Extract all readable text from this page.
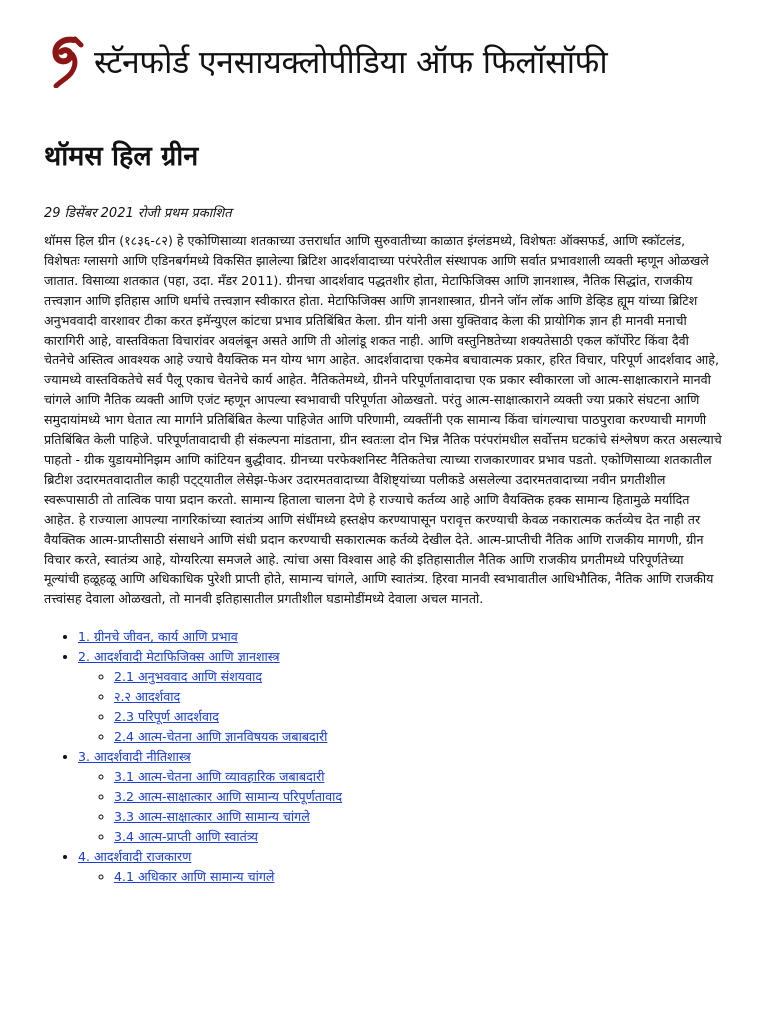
स्टॅनफोर्ड एनसायक्लोपीडिया ऑफ फिलॉसॉफी
थॉमस हिल ग्रीन

29 डिसेंबर 2021 रोजी प्रथम प्रकाशित

थॉमस हिल ग्रीन (१८३६-८२) हे एकोणिसाव्या शतकाच्या उत्तरार्धात आणि सुरुवातीच्या काळात इंग्लंडमध्ये, विशेषतः ऑक्सफर्ड, आणि स्कॉटलंड, विशेषतः ग्लासगो आणि एडिनबर्गमध्ये विकसित झालेल्या ब्रिटिश आदर्शवादाच्या परंपरेतील संस्थापक आणि सर्वात प्रभावशाली व्यक्ती म्हणून ओळखले जातात. विसाव्या शतकात (पहा, उदा. मँडर 2011). ग्रीनचा आदर्शवाद पद्धतशीर होता, मेटाफिजिक्स आणि ज्ञानशास्त्र, नैतिक सिद्धांत, राजकीय तत्त्वज्ञान आणि इतिहास आणि धर्माचे तत्त्वज्ञान स्वीकारत होता. मेटाफिजिक्स आणि ज्ञानशास्त्रात, ग्रीनने जॉन लॉक आणि डेव्हिड ह्यूम यांच्या ब्रिटिश अनुभववादी वारशावर टीका करत इमॅन्युएल कांटचा प्रभाव प्रतिबिंबित केला. ग्रीन यांनी असा युक्तिवाद केला की प्रायोगिक ज्ञान ही मानवी मनाची कारागिरी आहे, वास्तविकता विचारांवर अवलंबून असते आणि ती ओलांडू शकत नाही. आणि वस्तुनिष्ठतेच्या शक्यतेसाठी एकल कॉर्पोरेट किंवा दैवी चेतनेचे अस्तित्व आवश्यक आहे ज्याचे वैयक्तिक मन योग्य भाग आहेत. आदर्शवादाचा एकमेव बचावात्मक प्रकार, हरित विचार, परिपूर्ण आदर्शवाद आहे, ज्यामध्ये वास्तविकतेचे सर्व पैलू एकाच चेतनेचे कार्य आहेत. नैतिकतेमध्ये, ग्रीनने परिपूर्णतावादाचा एक प्रकार स्वीकारला जो आत्म-साक्षात्काराने मानवी चांगले आणि नैतिक व्यक्ती आणि एजंट म्हणून आपल्या स्वभावाची परिपूर्णता ओळखतो. परंतु आत्म-साक्षात्काराने व्यक्ती ज्या प्रकारे संघटना आणि समुदायांमध्ये भाग घेतात त्या मार्गाने प्रतिबिंबित केल्या पाहिजेत आणि परिणामी, व्यक्तींनी एक सामान्य किंवा चांगल्याचा पाठपुरावा करण्याची मागणी प्रतिबिंबित केली पाहिजे. परिपूर्णतावादाची ही संकल्पना मांडताना, ग्रीन स्वतःला दोन भिन्न नैतिक परंपरांमधील सर्वोत्तम घटकांचे संश्लेषण करत असल्याचे पाहतो - ग्रीक युडायमोनिझम आणि कांटियन बुद्धीवाद. ग्रीनच्या परफेक्शनिस्ट नैतिकतेचा त्याच्या राजकारणावर प्रभाव पडतो. एकोणिसाव्या शतकातील ब्रिटीश उदारमतवादातील काही पट्ट्यातील लेसेझ-फेअर उदारमतवादाच्या वैशिष्ट्यांच्या पलीकडे असलेल्या उदारमतवादाच्या नवीन प्रगतीशील स्वरूपासाठी तो तात्विक पाया प्रदान करतो. सामान्य हिताला चालना देणे हे राज्याचे कर्तव्य आहे आणि वैयक्तिक हक्क सामान्य हितामुळे मर्यादित आहेत. हे राज्याला आपल्या नागरिकांच्या स्वातंत्र्य आणि संधींमध्ये हस्तक्षेप करण्यापासून परावृत्त करण्याची केवळ नकारात्मक कर्तव्येच देत नाही तर वैयक्तिक आत्म-प्राप्तीसाठी संसाधने आणि संधी प्रदान करण्याची सकारात्मक कर्तव्ये देखील देते. आत्म-प्राप्तीची नैतिक आणि राजकीय मागणी, ग्रीन विचार करते, स्वातंत्र्य आहे, योग्यरित्या समजले आहे. त्यांचा असा विश्वास आहे की इतिहासातील नैतिक आणि राजकीय प्रगतीमध्ये परिपूर्णतेच्या मूल्यांची हळूहळू आणि अधिकाधिक पुरेशी प्राप्ती होते, सामान्य चांगले, आणि स्वातंत्र्य. हिरवा मानवी स्वभावातील आधिभौतिक, नैतिक आणि राजकीय तत्त्वांसह देवाला ओळखतो, तो मानवी इतिहासातील प्रगतीशील घडामोडींमध्ये देवाला अचल मानतो.

• 1. ग्रीनचे जीवन, कार्य आणि प्रभाव
• 2. आदर्शवादी मेटाफिजिक्स आणि ज्ञानशास्त्र
◦ 2.1 अनुभववाद आणि संशयवाद
◦ २.२ आदर्शवाद
◦ 2.3 परिपूर्ण आदर्शवाद
◦ 2.4 आत्म-चेतना आणि ज्ञानविषयक जबाबदारी
• 3. आदर्शवादी नीतिशास्त्र
◦ 3.1 आत्म-चेतना आणि व्यावहारिक जबाबदारी
◦ 3.2 आत्म-साक्षात्कार आणि सामान्य परिपूर्णतावाद
◦ 3.3 आत्म-साक्षात्कार आणि सामान्य चांगले
◦ 3.4 आत्म-प्राप्ती आणि स्वातंत्र्य
• 4. आदर्शवादी राजकारण
◦ 4.1 अधिकार आणि सामान्य चांगले
